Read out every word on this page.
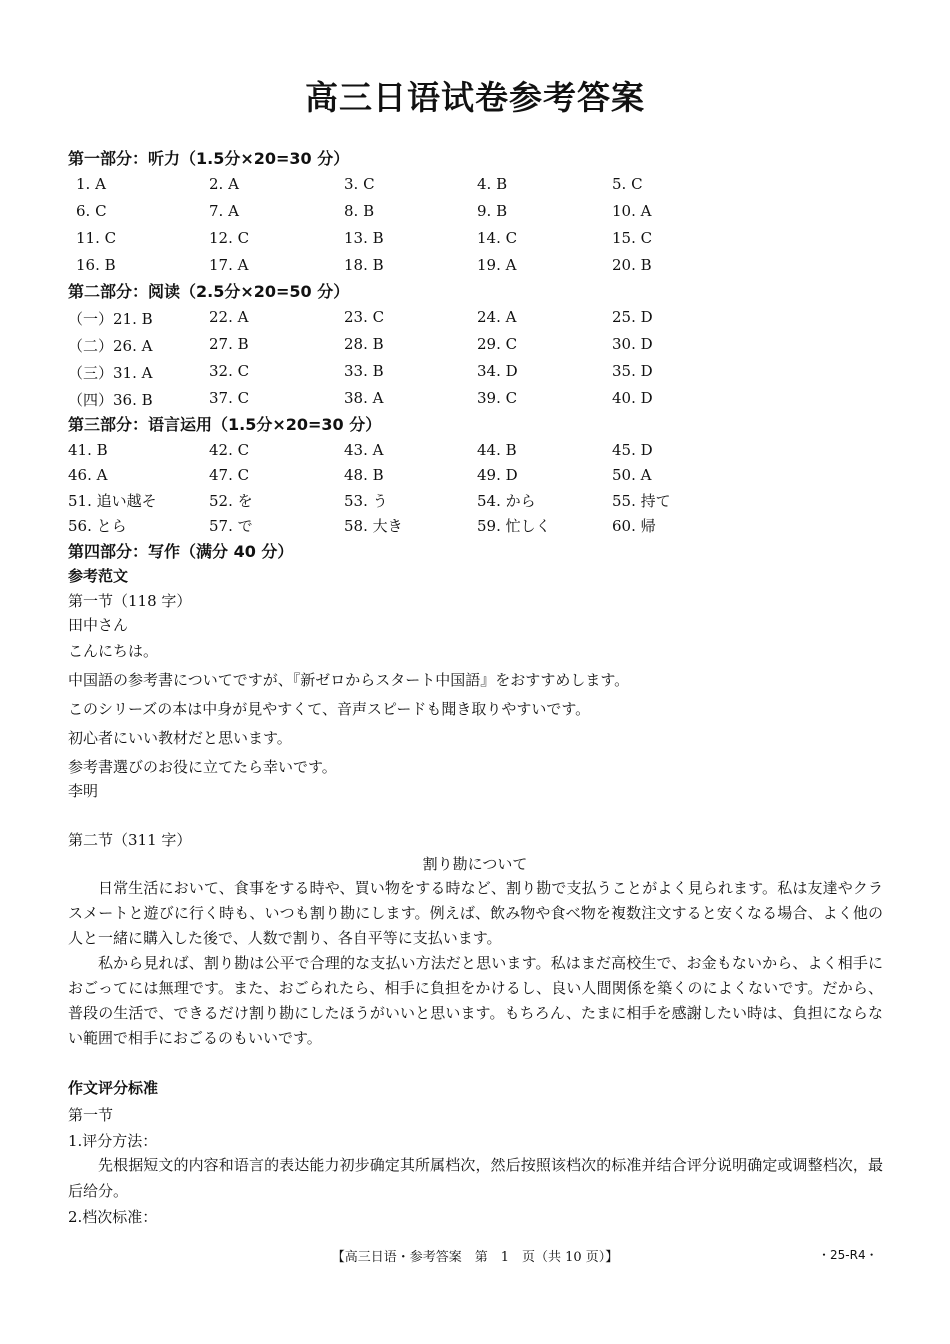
高三日语试卷参考答案
第一部分：听力（1.5分×20=30 分）
1. A	2. A	3. C	4. B	5. C
6. C	7. A	8. B	9. B	10. A
11. C	12. C	13. B	14. C	15. C
16. B	17. A	18. B	19. A	20. B
第二部分：阅读（2.5分×20=50 分）
（一）21. B	22. A	23. C	24. A	25. D
（二）26. A	27. B	28. B	29. C	30. D
（三）31. A	32. C	33. B	34. D	35. D
（四）36. B	37. C	38. A	39. C	40. D
第三部分：语言运用（1.5分×20=30 分）
41. B	42. C	43. A	44. B	45. D
46. A	47. C	48. B	49. D	50. A
51. 追い越そ	52. を	53. う	54. から	55. 持て
56. とら	57. で	58. 大き	59. 忙しく	60. 帰
第四部分：写作（满分 40 分）
参考范文
第一节（118 字）
田中さん
こんにちは。
中国語の参考書についてですが、『新ゼロからスタート中国語』をおすすめします。
このシリーズの本は中身が見やすくて、音声スピードも聞き取りやすいです。
初心者にいい教材だと思います。
参考書選びのお役に立てたら幸いです。
李明
第二节（311 字）
割り勘について
日常生活において、食事をする時や、買い物をする時など、割り勘で支払うことがよく見られます。私は友達やクラスメートと遊びに行く時も、いつも割り勘にします。例えば、飲み物や食べ物を複数注文すると安くなる場合、よく他の人と一緒に購入した後で、人数で割り、各自平等に支払います。
私から見れば、割り勘は公平で合理的な支払い方法だと思います。私はまだ高校生で、お金もないから、よく相手におごってには無理です。また、おごられたら、相手に負担をかけるし、良い人間関係を築くのによくないです。だから、普段の生活で、できるだけ割り勘にしたほうがいいと思います。もちろん、たまに相手を感謝したい時は、負担にならない範囲で相手におごるのもいいです。
作文评分标准
第一节
1.评分方法：
先根据短文的内容和语言的表达能力初步确定其所属档次，然后按照该档次的标准并结合评分说明确定或调整档次，最后给分。
2.档次标准：
【高三日语・参考答案　第　1　页（共 10 页）】	・25-R4・
